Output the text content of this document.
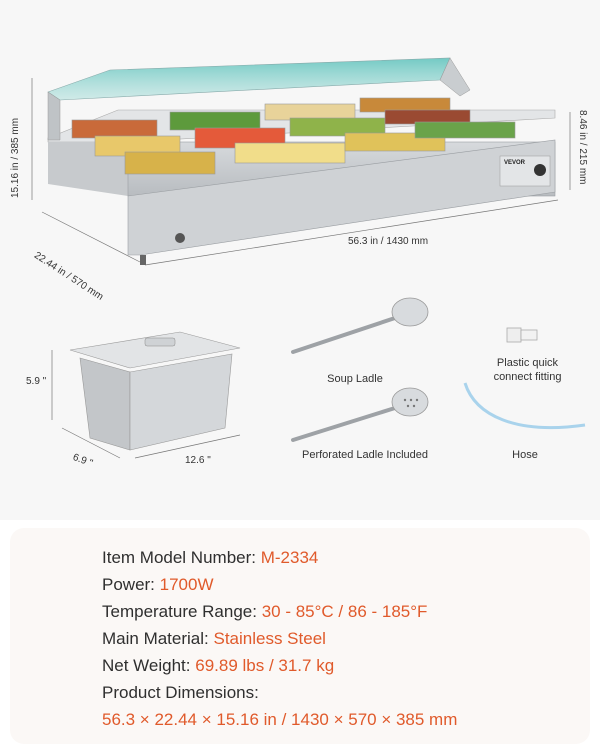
VEVOR
15.16 in / 385 mm	8.46 in / 215 mm
22.44 in / 570 mm
56.3 in / 1430 mm
5.9 "
6.9 "	12.6 "
Soup Ladle
Perforated Ladle Included
Plastic quick
connect fitting
Hose
Item Model Number: M-2334
Power: 1700W
Temperature Range: 30 - 85°C / 86 - 185°F
Main Material: Stainless Steel
Net Weight: 69.89 lbs / 31.7 kg
Product Dimensions:
56.3 × 22.44 × 15.16 in / 1430 × 570 × 385 mm
